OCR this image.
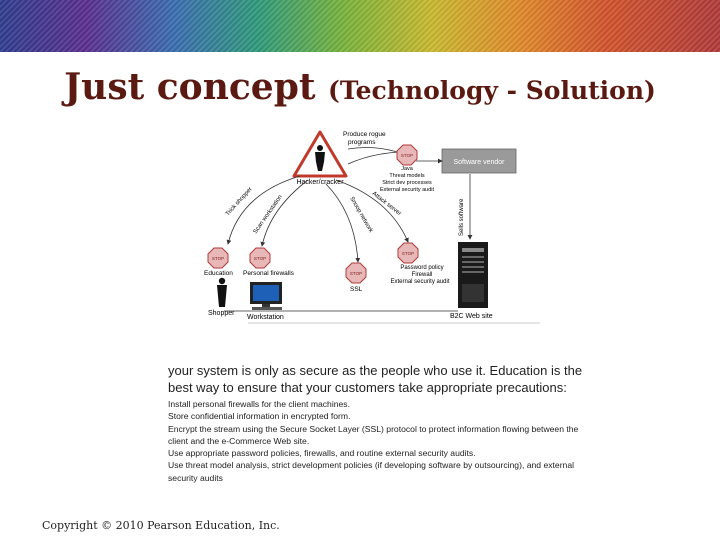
Just concept (Technology - Solution)
Hacker/cracker
Produce rogue
programs
STOP
Java
Threat models
Strict dev processes
External security audit
Software vendor
Sells software
Trick shopper Scan workstation	Snoop network
Attack server
STOP
Education
STOP
Personal firewalls	STOP
SSL
STOP
Password policy
Firewall
External security audit
Shopper
Workstation	B2C Web site

your system is only as secure as the people who use it. Education is the best way to ensure that your customers take appropriate precautions:

Install personal firewalls for the client machines.

Store confidential information in encrypted form.

Encrypt the stream using the Secure Socket Layer (SSL) protocol to protect information flowing between the client and the e-Commerce Web site.

Use appropriate password policies, firewalls, and routine external security audits.

Use threat model analysis, strict development policies (if developing software by outsourcing), and external security audits

Copyright © 2010 Pearson Education, Inc.
